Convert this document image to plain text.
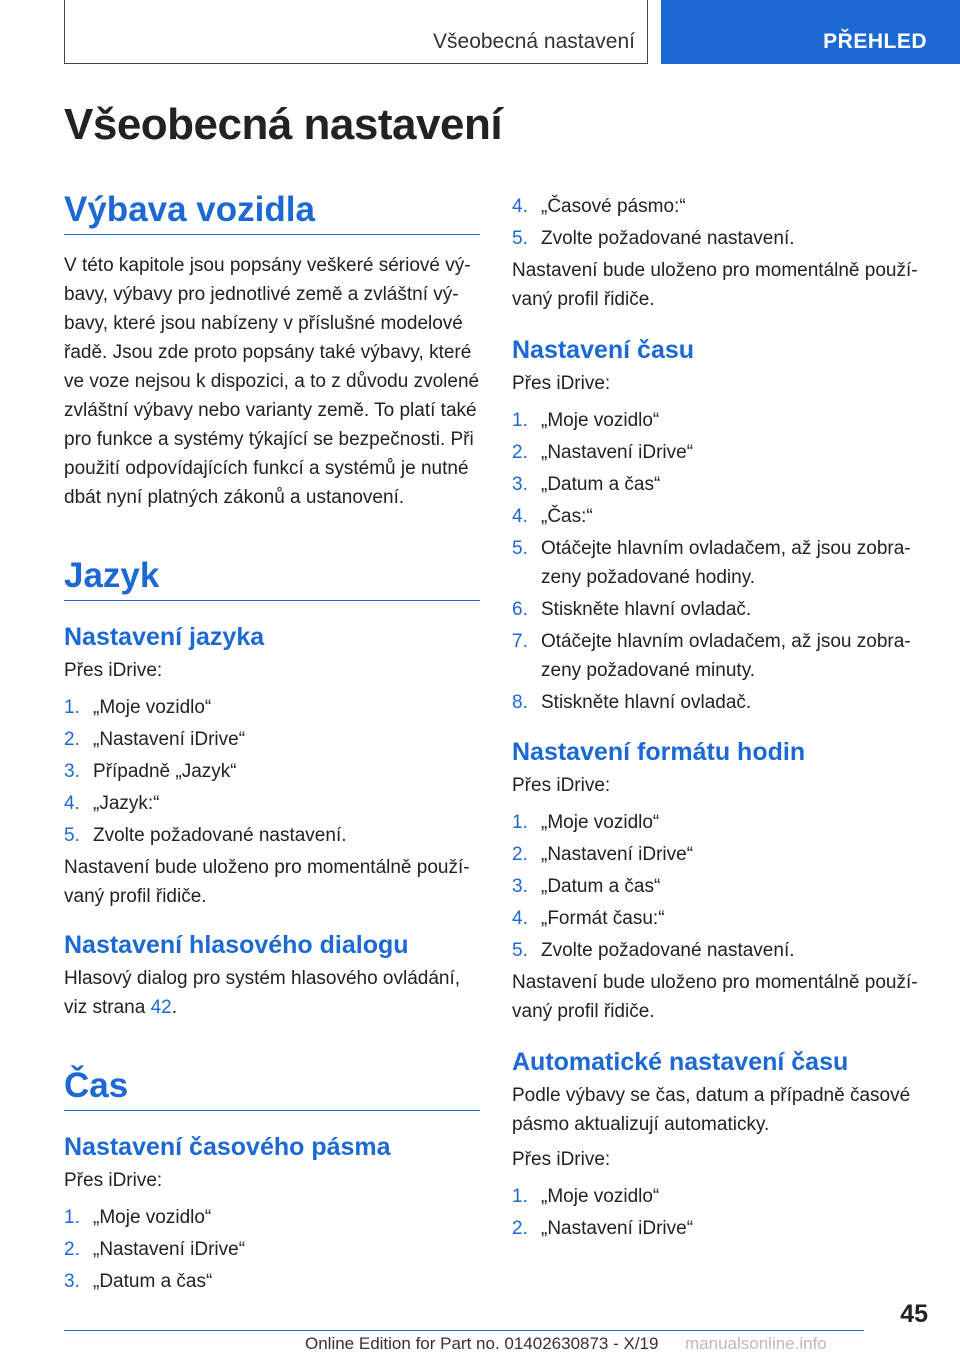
Všeobecná nastavení	PŘEHLED
Všeobecná nastavení
Výbava vozidla

V této kapitole jsou popsány veškeré sériové vý‐

bavy, výbavy pro jednotlivé země a zvláštní vý‐

bavy, které jsou nabízeny v příslušné modelové

řadě. Jsou zde proto popsány také výbavy, které

ve voze nejsou k dispozici, a to z důvodu zvolené

zvláštní výbavy nebo varianty země. To platí také

pro funkce a systémy týkající se bezpečnosti. Při

použití odpovídajících funkcí a systémů je nutné

dbát nyní platných zákonů a ustanovení.

Jazyk
Nastavení jazyka

Přes iDrive:

1. „Moje vozidlo“
2. „Nastavení iDrive“
3. Případně „Jazyk“
4. „Jazyk:“
5. Zvolte požadované nastavení.

Nastavení bude uloženo pro momentálně použí‐

vaný profil řidiče.

Nastavení hlasového dialogu

Hlasový dialog pro systém hlasového ovládání,

viz strana 42.

Čas
Nastavení časového pásma

Přes iDrive:

1. „Moje vozidlo“
2. „Nastavení iDrive“
3. „Datum a čas“
4. „Časové pásmo:“
5. Zvolte požadované nastavení.

Nastavení bude uloženo pro momentálně použí‐

vaný profil řidiče.

Nastavení času

Přes iDrive:

1. „Moje vozidlo“
2. „Nastavení iDrive“
3. „Datum a čas“
4. „Čas:“
5. Otáčejte hlavním ovladačem, až jsou zobra‐
zeny požadované hodiny.
6. Stiskněte hlavní ovladač.
7. Otáčejte hlavním ovladačem, až jsou zobra‐
zeny požadované minuty.
8. Stiskněte hlavní ovladač.
Nastavení formátu hodin

Přes iDrive:

1. „Moje vozidlo“
2. „Nastavení iDrive“
3. „Datum a čas“
4. „Formát času:“
5. Zvolte požadované nastavení.

Nastavení bude uloženo pro momentálně použí‐

vaný profil řidiče.

Automatické nastavení času

Podle výbavy se čas, datum a případně časové

pásmo aktualizují automaticky.

Přes iDrive:

1. „Moje vozidlo“
2. „Nastavení iDrive“
45
Online Edition for Part no. 01402630873 - X/19 manualsonline.info
